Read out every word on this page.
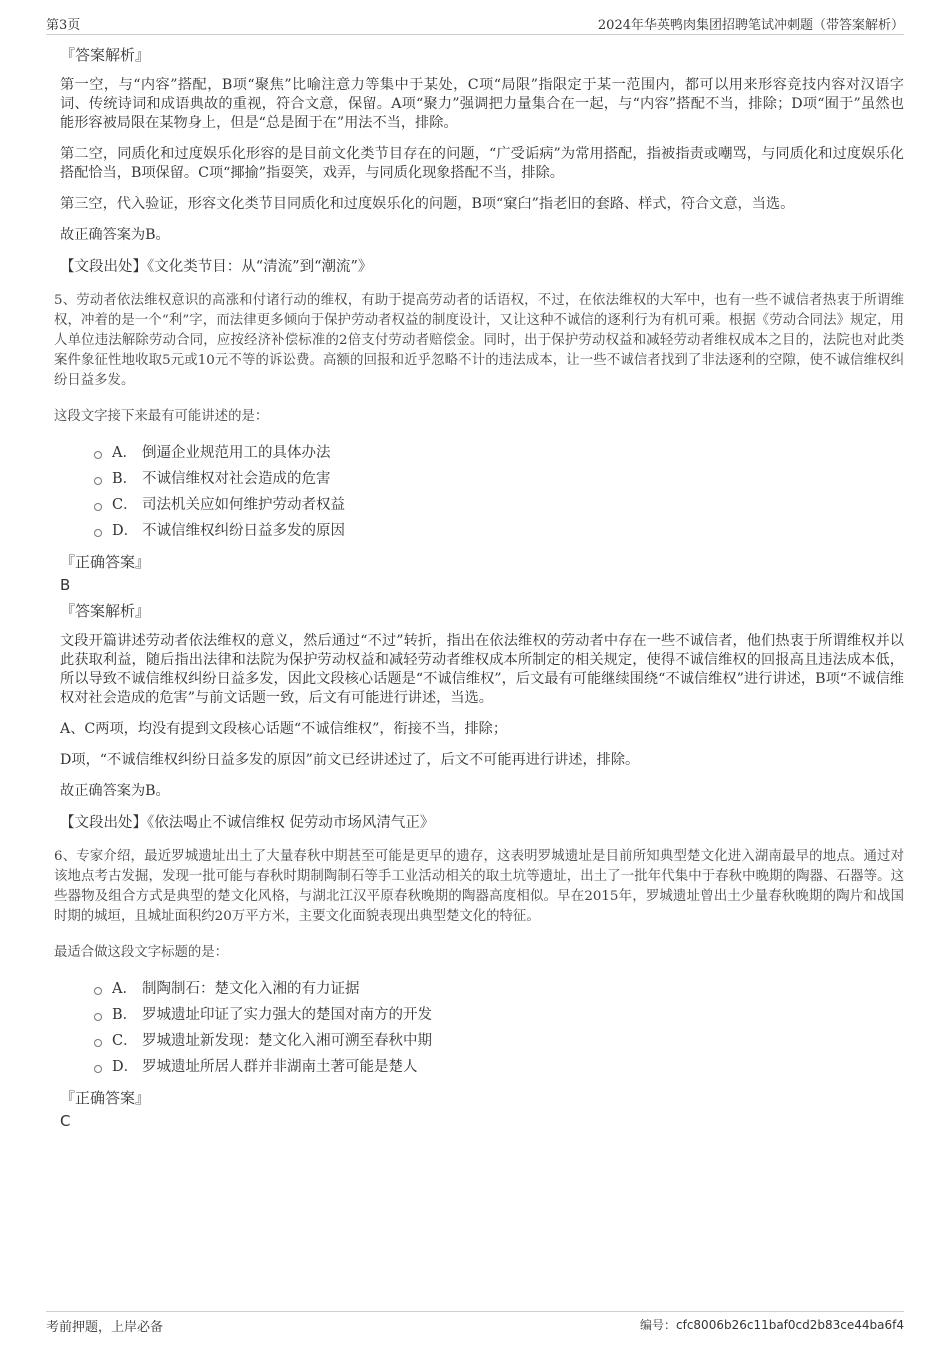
第3页	2024年华英鸭肉集团招聘笔试冲刺题（带答案解析）
『答案解析』

第一空，与“内容”搭配，B项“聚焦”比喻注意力等集中于某处，C项“局限”指限定于某一范围内，都可以用来形容竞技内容对汉语字词、传统诗词和成语典故的重视，符合文意，保留。A项“聚力”强调把力量集合在一起，与“内容”搭配不当，排除；D项“囿于”虽然也能形容被局限在某物身上，但是“总是囿于在”用法不当，排除。

第二空，同质化和过度娱乐化形容的是目前文化类节目存在的问题，“广受诟病”为常用搭配，指被指责或嘲骂，与同质化和过度娱乐化搭配恰当，B项保留。C项“揶揄”指耍笑，戏弄，与同质化现象搭配不当，排除。

第三空，代入验证，形容文化类节目同质化和过度娱乐化的问题，B项“窠臼”指老旧的套路、样式，符合文意，当选。

故正确答案为B。

【文段出处】《文化类节目：从“清流”到“潮流”》

5、劳动者依法维权意识的高涨和付诸行动的维权，有助于提高劳动者的话语权，不过，在依法维权的大军中，也有一些不诚信者热衷于所谓维权，冲着的是一个“利”字，而法律更多倾向于保护劳动者权益的制度设计，又让这种不诚信的逐利行为有机可乘。根据《劳动合同法》规定，用人单位违法解除劳动合同，应按经济补偿标准的2倍支付劳动者赔偿金。同时，出于保护劳动权益和减轻劳动者维权成本之目的，法院也对此类案件象征性地收取5元或10元不等的诉讼费。高额的回报和近乎忽略不计的违法成本，让一些不诚信者找到了非法逐利的空隙，使不诚信维权纠纷日益多发。

这段文字接下来最有可能讲述的是：
A． 倒逼企业规范用工的具体办法
B． 不诚信维权对社会造成的危害
C． 司法机关应如何维护劳动者权益
D． 不诚信维权纠纷日益多发的原因
『正确答案』
B
『答案解析』

文段开篇讲述劳动者依法维权的意义，然后通过“不过”转折，指出在依法维权的劳动者中存在一些不诚信者，他们热衷于所谓维权并以此获取利益，随后指出法律和法院为保护劳动权益和减轻劳动者维权成本所制定的相关规定，使得不诚信维权的回报高且违法成本低，所以导致不诚信维权纠纷日益多发，因此文段核心话题是“不诚信维权”，后文最有可能继续围绕“不诚信维权”进行讲述，B项“不诚信维权对社会造成的危害”与前文话题一致，后文有可能进行讲述，当选。

A、C两项，均没有提到文段核心话题“不诚信维权”，衔接不当，排除；

D项，“不诚信维权纠纷日益多发的原因”前文已经讲述过了，后文不可能再进行讲述，排除。

故正确答案为B。

【文段出处】《依法喝止不诚信维权 促劳动市场风清气正》

6、专家介绍，最近罗城遗址出土了大量春秋中期甚至可能是更早的遗存，这表明罗城遗址是目前所知典型楚文化进入湖南最早的地点。通过对该地点考古发掘，发现一批可能与春秋时期制陶制石等手工业活动相关的取土坑等遗址，出土了一批年代集中于春秋中晚期的陶器、石器等。这些器物及组合方式是典型的楚文化风格，与湖北江汉平原春秋晚期的陶器高度相似。早在2015年，罗城遗址曾出土少量春秋晚期的陶片和战国时期的城垣，且城址面积约20万平方米，主要文化面貌表现出典型楚文化的特征。

最适合做这段文字标题的是：
A． 制陶制石：楚文化入湘的有力证据
B． 罗城遗址印证了实力强大的楚国对南方的开发
C． 罗城遗址新发现：楚文化入湘可溯至春秋中期
D． 罗城遗址所居人群并非湖南土著可能是楚人
『正确答案』
C
考前押题，上岸必备	编号：cfc8006b26c11baf0cd2b83ce44ba6f4
